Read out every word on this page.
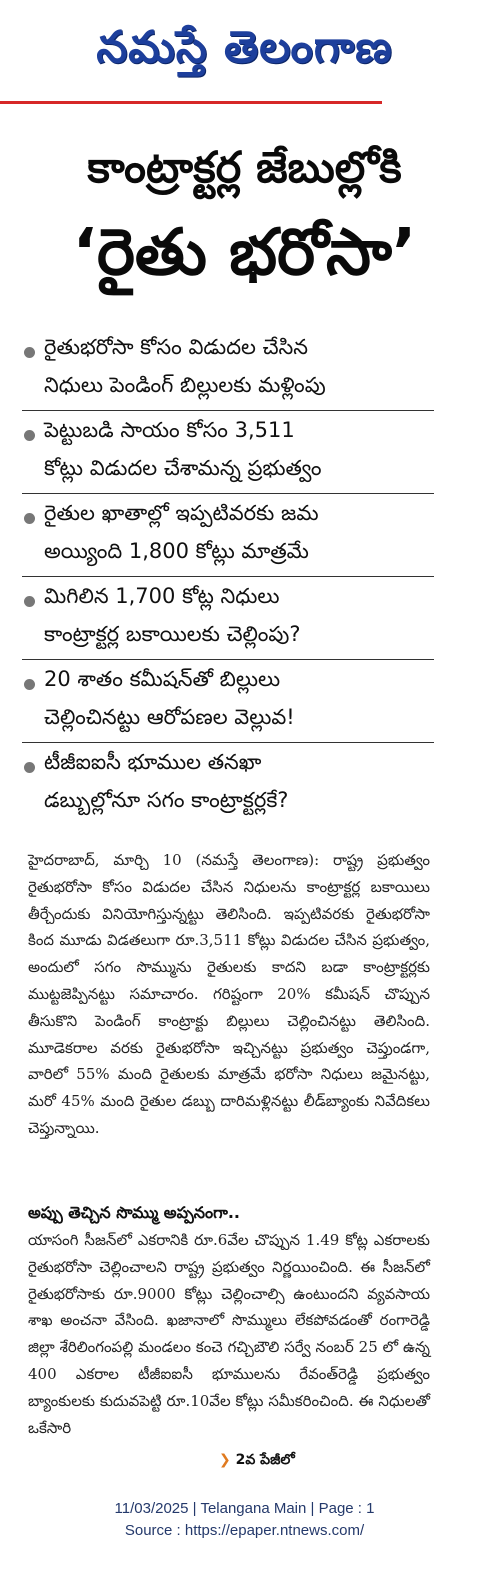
నమస్తే తెలంగాణ
కాంట్రాక్టర్ల జేబుల్లోకి
‘రైతు భరోసా’
రైతుభరోసా కోసం విడుదల చేసిన
నిధులు పెండింగ్ బిల్లులకు మళ్లింపు
పెట్టుబడి సాయం కోసం 3,511
కోట్లు విడుదల చేశామన్న ప్రభుత్వం
రైతుల ఖాతాల్లో ఇప్పటివరకు జమ
అయ్యింది 1,800 కోట్లు మాత్రమే
మిగిలిన 1,700 కోట్ల నిధులు
కాంట్రాక్టర్ల బకాయిలకు చెల్లింపు?
20 శాతం కమీషన్‌తో బిల్లులు
చెల్లించినట్టు ఆరోపణల వెల్లువ!
టీజీఐఐసీ భూముల తనఖా
డబ్బుల్లోనూ సగం కాంట్రాక్టర్లకే?
హైదరాబాద్, మార్చి 10 (నమస్తే తెలంగాణ): రాష్ట్ర ప్రభుత్వం రైతుభరోసా కోసం విడుదల చేసిన నిధులను కాంట్రాక్టర్ల బకాయిలు తీర్చేందుకు వినియోగిస్తున్నట్టు తెలిసింది. ఇప్పటివరకు రైతుభరోసా కింద మూడు విడతలుగా రూ.3,511 కోట్లు విడుదల చేసిన ప్రభుత్వం, అందులో సగం సొమ్మును రైతులకు కాదని బడా కాంట్రాక్టర్లకు ముట్టజెప్పినట్టు సమాచారం. గరిష్టంగా 20% కమీషన్ చొప్పున తీసుకొని పెండింగ్ కాంట్రాక్టు బిల్లులు చెల్లించినట్టు తెలిసింది. మూడెకరాల వరకు రైతుభరోసా ఇచ్చినట్టు ప్రభుత్వం చెప్తుండగా, వారిలో 55% మంది రైతులకు మాత్రమే భరోసా నిధులు జమైనట్టు, మరో 45% మంది రైతుల డబ్బు దారిమళ్లినట్టు లీడ్‌బ్యాంకు నివేదికలు చెప్తున్నాయి.
అప్పు తెచ్చిన సొమ్ము అప్పనంగా..
యాసంగి సీజన్‌లో ఎకరానికి రూ.6వేల చొప్పున 1.49 కోట్ల ఎకరాలకు రైతుభరోసా చెల్లించాలని రాష్ట్ర ప్రభుత్వం నిర్ణయించింది. ఈ సీజన్‌లో రైతుభరోసాకు రూ.9000 కోట్లు చెల్లించాల్సి ఉంటుందని వ్యవసాయ శాఖ అంచనా వేసింది. ఖజానాలో సొమ్ములు లేకపోవడంతో రంగారెడ్డి జిల్లా శేరిలింగంపల్లి మండలం కంచె గచ్చిబౌలి సర్వే నంబర్ 25 లో ఉన్న 400 ఎకరాల టీజీఐఐసీ భూములను రేవంత్‌రెడ్డి ప్రభుత్వం బ్యాంకులకు కుదువపెట్టి రూ.10వేల కోట్లు సమీకరించింది. ఈ నిధులతో ఒకేసారి
❯ 2వ పేజీలో
11/03/2025 | Telangana Main | Page : 1
Source : https://epaper.ntnews.com/
